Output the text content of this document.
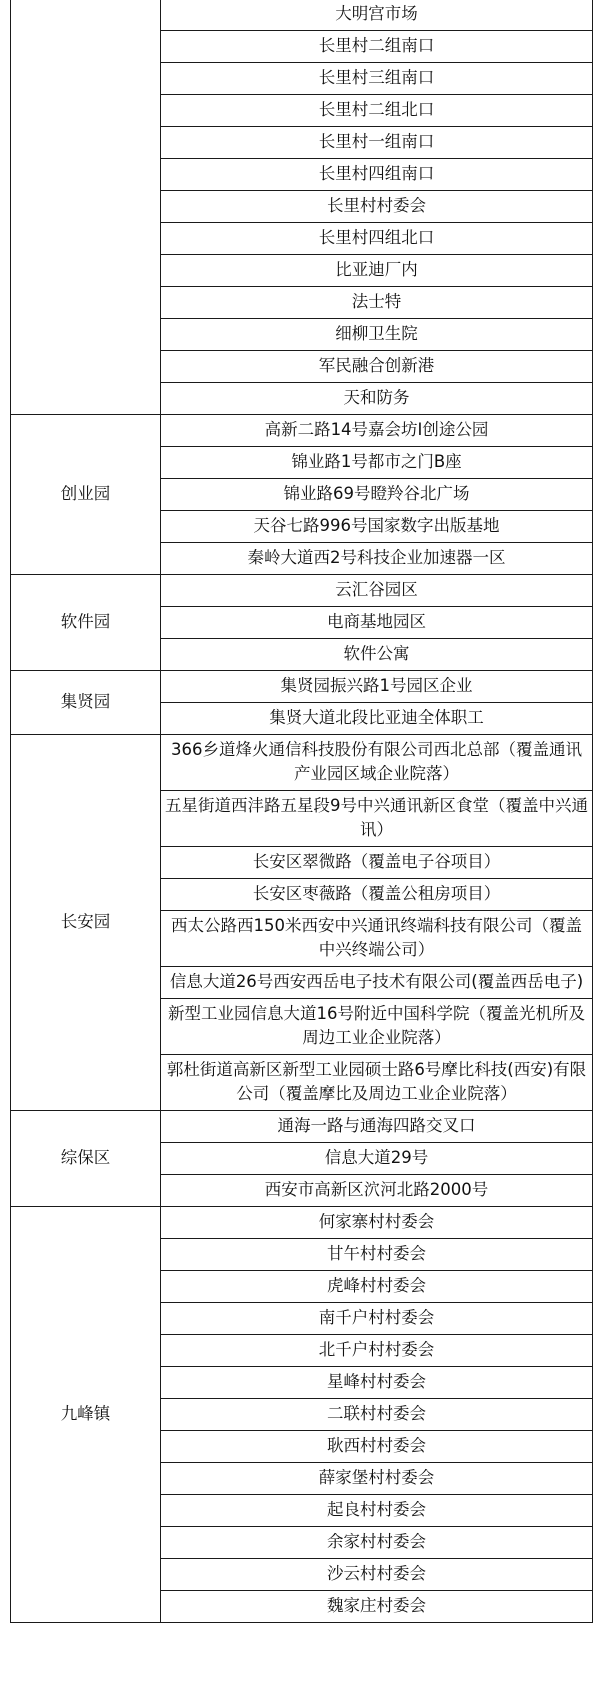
	大明宫市场
	长里村二组南口
	长里村三组南口
	长里村二组北口
	长里村一组南口
	长里村四组南口
	长里村村委会
	长里村四组北口
	比亚迪厂内
	法士特
	细柳卫生院
	军民融合创新港
	天和防务
创业园	高新二路14号嘉会坊I创途公园
	锦业路1号都市之门B座
	锦业路69号瞪羚谷北广场
	天谷七路996号国家数字出版基地
	秦岭大道西2号科技企业加速器一区
软件园	云汇谷园区
	电商基地园区
	软件公寓
集贤园	集贤园振兴路1号园区企业
	集贤大道北段比亚迪全体职工
长安园	366乡道烽火通信科技股份有限公司西北总部（覆盖通讯产业园区域企业院落）
	五星街道西沣路五星段9号中兴通讯新区食堂（覆盖中兴通讯）
	长安区翠微路（覆盖电子谷项目）
	长安区枣薇路（覆盖公租房项目）
	西太公路西150米西安中兴通讯终端科技有限公司（覆盖中兴终端公司）
	信息大道26号西安西岳电子技术有限公司(覆盖西岳电子)
	新型工业园信息大道16号附近中国科学院（覆盖光机所及周边工业企业院落）
	郭杜街道高新区新型工业园硕士路6号摩比科技(西安)有限公司（覆盖摩比及周边工业企业院落）
综保区	通海一路与通海四路交叉口
	信息大道29号
	西安市高新区泬河北路2000号
九峰镇	何家寨村村委会
	甘午村村委会
	虎峰村村委会
	南千户村村委会
	北千户村村委会
	星峰村村委会
	二联村村委会
	耿西村村委会
	薛家堡村村委会
	起良村村委会
	余家村村委会
	沙云村村委会
	魏家庄村委会
